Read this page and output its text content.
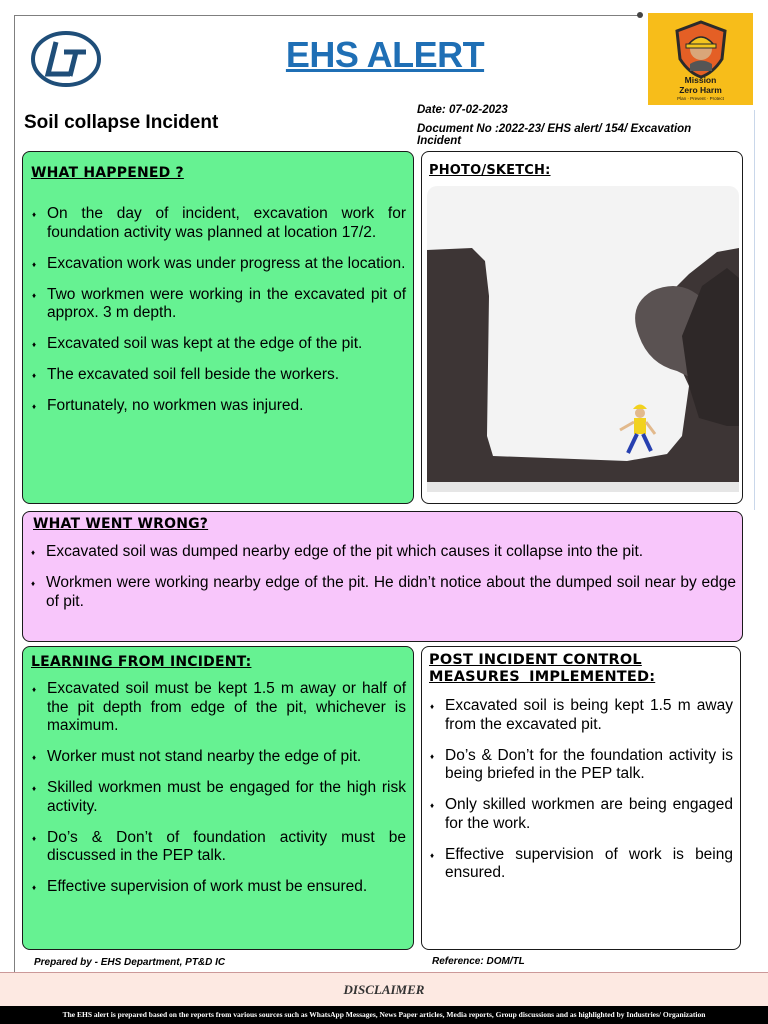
EHS ALERT
Mission
Zero Harm
Plan · Prevent · Protect
Soil collapse Incident
Date: 07-02-2023
Document No :2022-23/ EHS alert/ 154/ Excavation Incident
WHAT HAPPENED ?
♦ On the day of incident, excavation work for foundation activity was planned at location 17/2.
♦ Excavation work was under progress at the location.
♦ Two workmen were working in the excavated pit of approx. 3 m depth.
♦ Excavated soil was kept at the edge of the pit.
♦ The excavated soil fell beside the workers.
♦ Fortunately, no workmen was injured.
PHOTO/SKETCH:
WHAT WENT WRONG?
♦ Excavated soil was dumped nearby edge of the pit which causes it collapse into the pit.
♦ Workmen were working nearby edge of the pit. He didn’t notice about the dumped soil near by edge of pit.
LEARNING FROM INCIDENT:
♦ Excavated soil must be kept 1.5 m away or half of the pit depth from edge of the pit, whichever is maximum.
♦ Worker must not stand nearby the edge of pit.
♦ Skilled workmen must be engaged for the high risk activity.
♦ Do’s & Don’t of foundation activity must be discussed in the PEP talk.
♦ Effective supervision of work must be ensured.
POST INCIDENT CONTROL
MEASURES IMPLEMENTED:
♦ Excavated soil is being kept 1.5 m away from the excavated pit.
♦ Do’s & Don’t for the foundation activity is being briefed in the PEP talk.
♦ Only skilled workmen are being engaged for the work.
♦ Effective supervision of work is being ensured.
Prepared by - EHS Department, PT&D IC	Reference: DOM/TL
DISCLAIMER
The EHS alert is prepared based on the reports from various sources such as WhatsApp Messages, News Paper articles, Media reports, Group discussions and as highlighted by Industries/ Organization
